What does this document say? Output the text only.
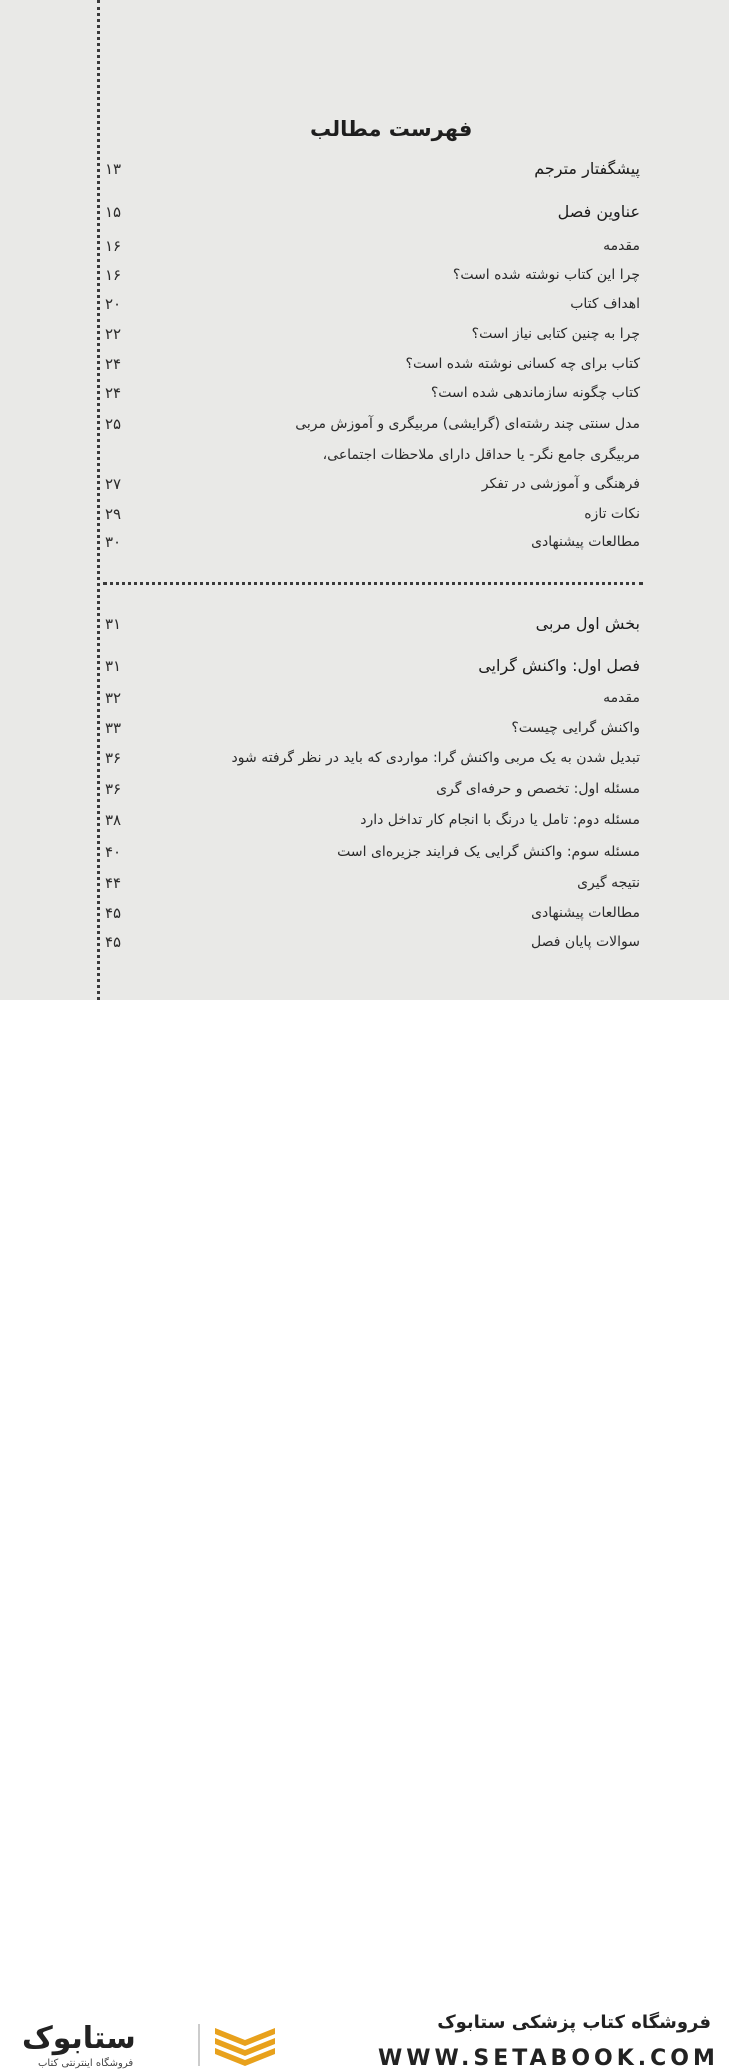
فهرست مطالب
۱۳	پیشگفتار مترجم
۱۵	عناوین فصل
۱۶	مقدمه
۱۶	چرا این کتاب نوشته شده است؟
۲۰	اهداف کتاب
۲۲	چرا به چنین کتابی نیاز است؟
۲۴	کتاب برای چه کسانی نوشته شده است؟
۲۴	کتاب چگونه سازماندهی شده است؟
۲۵	مدل سنتی چند رشته‌ای (گرایشی) مربیگری و آموزش مربی
مربیگری جامع نگر- یا حداقل دارای ملاحظات اجتماعی،
۲۷	فرهنگی و آموزشی در تفکر
۲۹	نکات تازه
۳۰	مطالعات پیشنهادی
۳۱	بخش اول مربی
۳۱	فصل اول: واکنش گرایی
۳۲	مقدمه
۳۳	واکنش گرایی چیست؟
۳۶	تبدیل شدن به یک مربی واکنش گرا: مواردی که باید در نظر گرفته شود
۳۶	مسئله اول: تخصص و حرفه‌ای گری
۳۸	مسئله دوم: تامل یا درنگ با انجام کار تداخل دارد
۴۰	مسئله سوم: واکنش گرایی یک فرایند جزیره‌ای است
۴۴	نتیجه گیری
۴۵	مطالعات پیشنهادی
۴۵	سوالات پایان فصل
ستابوک
فروشگاه اینترنتی کتاب
فروشگاه کتاب پزشکی ستابوک
WWW.SETABOOK.COM
